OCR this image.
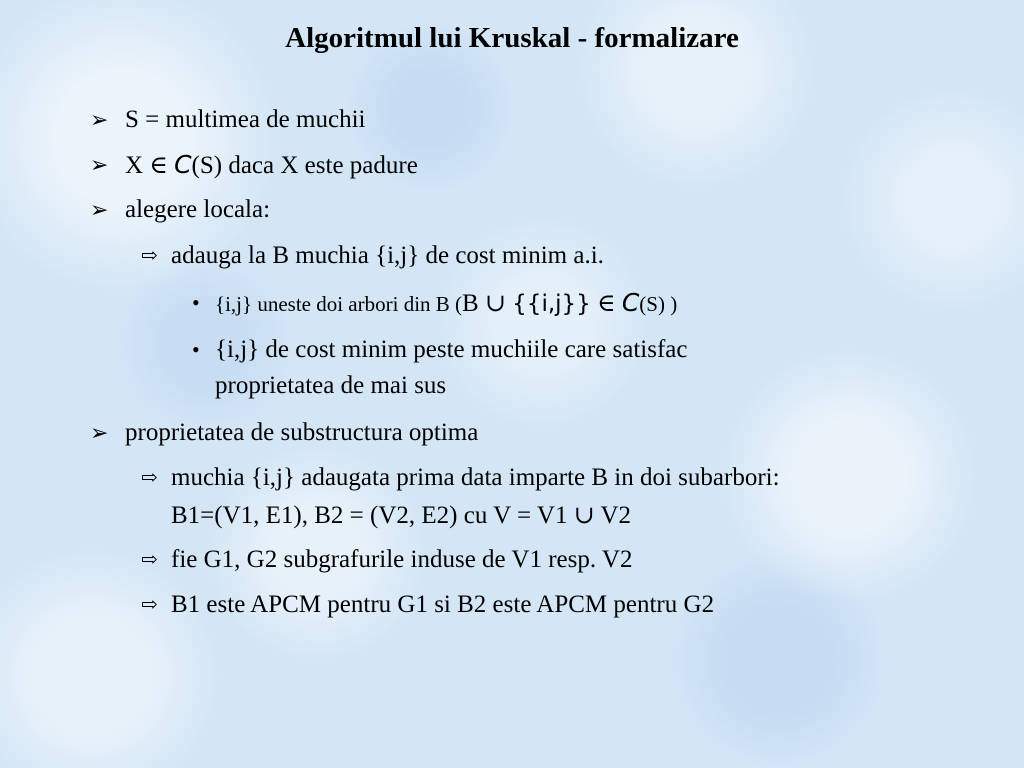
Algoritmul lui Kruskal - formalizare
➢ S = multimea de muchii
➢ X ∈ C(S) daca X este padure
➢ alegere locala:
⇨ adauga la B muchia {i,j} de cost minim a.i.
• {i,j} uneste doi arbori din B (B ∪ {{i,j}} ∈ C(S) )
• {i,j} de cost minim peste muchiile care satisfac
proprietatea de mai sus
➢ proprietatea de substructura optima
⇨ muchia {i,j} adaugata prima data imparte B in doi subarbori:
B1=(V1, E1), B2 = (V2, E2) cu V = V1 ∪ V2
⇨ fie G1, G2 subgrafurile induse de V1 resp. V2
⇨ B1 este APCM pentru G1 si B2 este APCM pentru G2
